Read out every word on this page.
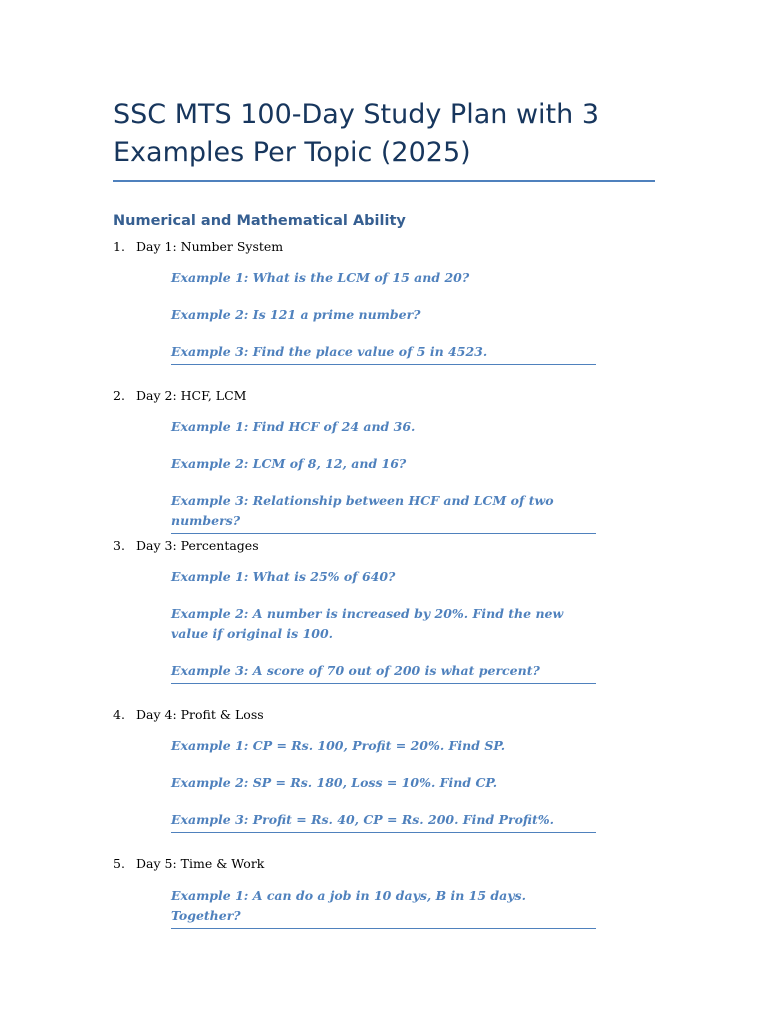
SSC MTS 100-Day Study Plan with 3 Examples Per Topic (2025)
Numerical and Mathematical Ability
1. Day 1: Number System

Example 1: What is the LCM of 15 and 20?

Example 2: Is 121 a prime number?

Example 3: Find the place value of 5 in 4523.

2. Day 2: HCF, LCM

Example 1: Find HCF of 24 and 36.

Example 2: LCM of 8, 12, and 16?

Example 3: Relationship between HCF and LCM of two numbers?

3. Day 3: Percentages

Example 1: What is 25% of 640?

Example 2: A number is increased by 20%. Find the new value if original is 100.

Example 3: A score of 70 out of 200 is what percent?

4. Day 4: Profit & Loss

Example 1: CP = Rs. 100, Profit = 20%. Find SP.

Example 2: SP = Rs. 180, Loss = 10%. Find CP.

Example 3: Profit = Rs. 40, CP = Rs. 200. Find Profit%.

5. Day 5: Time & Work

Example 1: A can do a job in 10 days, B in 15 days. Together?
